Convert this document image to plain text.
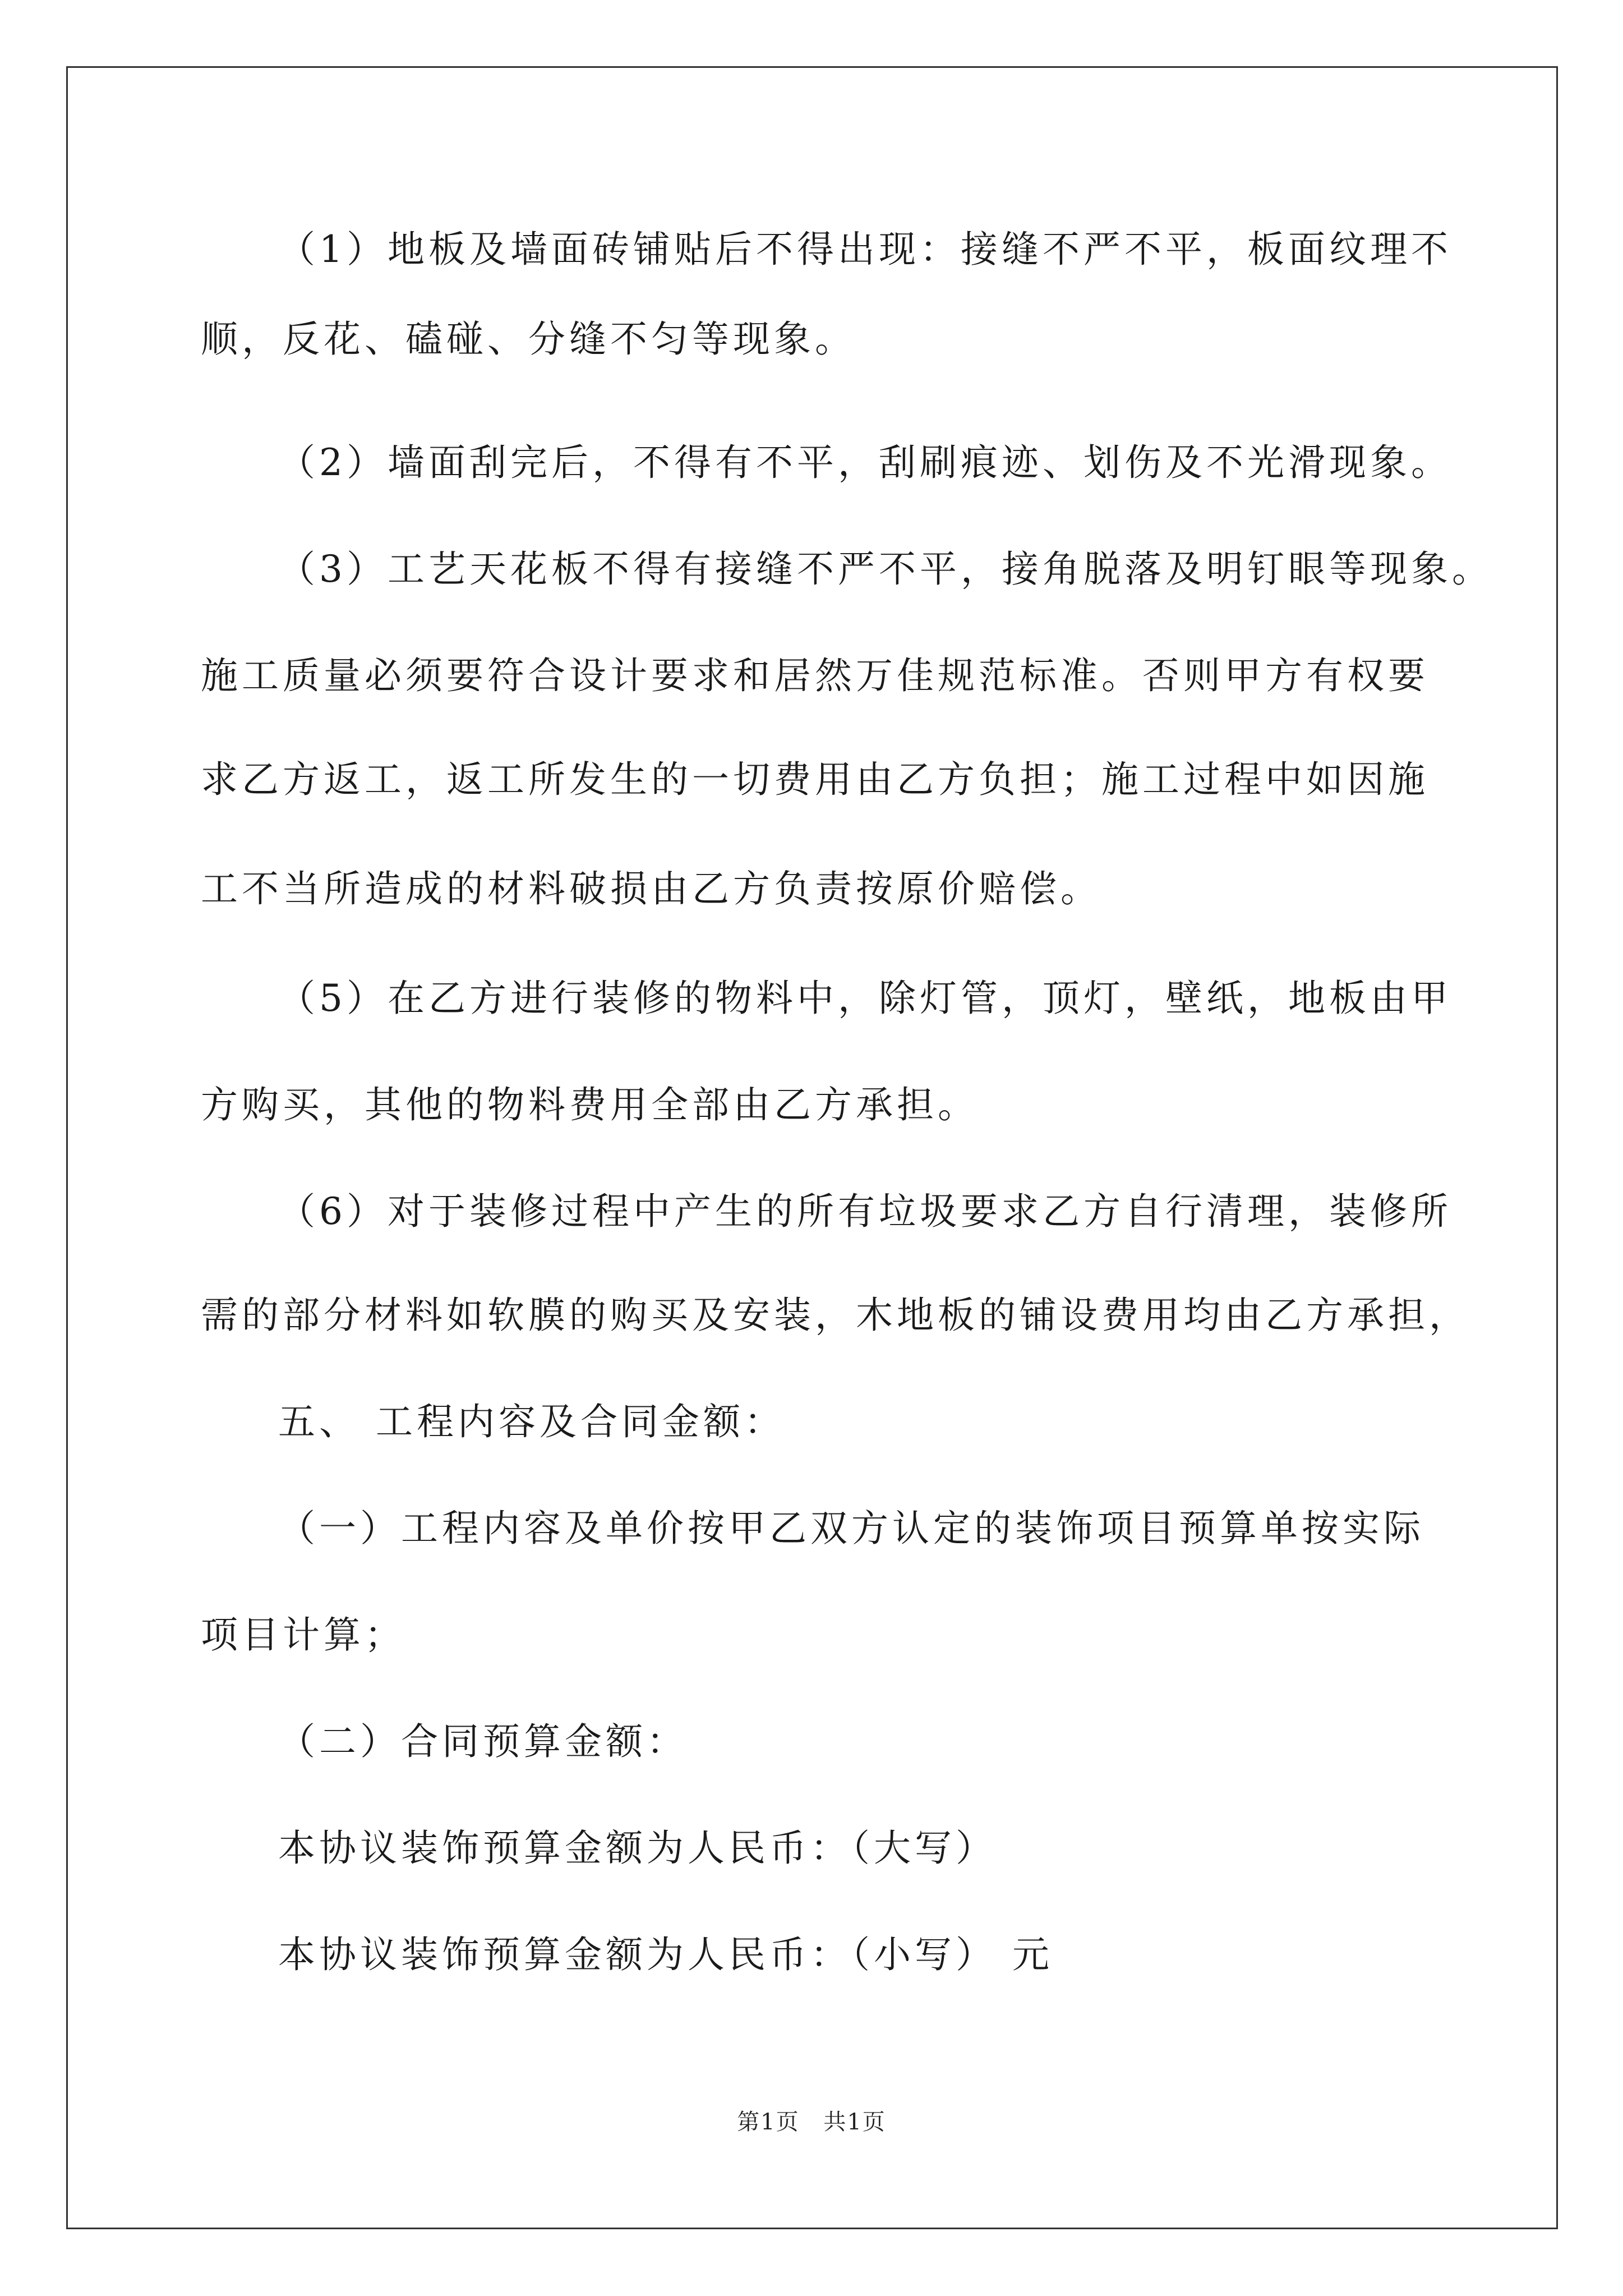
（1）地板及墙面砖铺贴后不得出现：接缝不严不平，板面纹理不
顺，反花、磕碰、分缝不匀等现象。
（2）墙面刮完后，不得有不平，刮刷痕迹、划伤及不光滑现象。
（3）工艺天花板不得有接缝不严不平，接角脱落及明钉眼等现象。
施工质量必须要符合设计要求和居然万佳规范标准。否则甲方有权要
求乙方返工，返工所发生的一切费用由乙方负担；施工过程中如因施
工不当所造成的材料破损由乙方负责按原价赔偿。
（5）在乙方进行装修的物料中，除灯管，顶灯，壁纸，地板由甲
方购买，其他的物料费用全部由乙方承担。
（6）对于装修过程中产生的所有垃圾要求乙方自行清理，装修所
需的部分材料如软膜的购买及安装，木地板的铺设费用均由乙方承担，
五、 工程内容及合同金额：
（一）工程内容及单价按甲乙双方认定的装饰项目预算单按实际
项目计算；
（二）合同预算金额：
本协议装饰预算金额为人民币：（大写）
本协议装饰预算金额为人民币：（小写） 元
第1页 共1页
